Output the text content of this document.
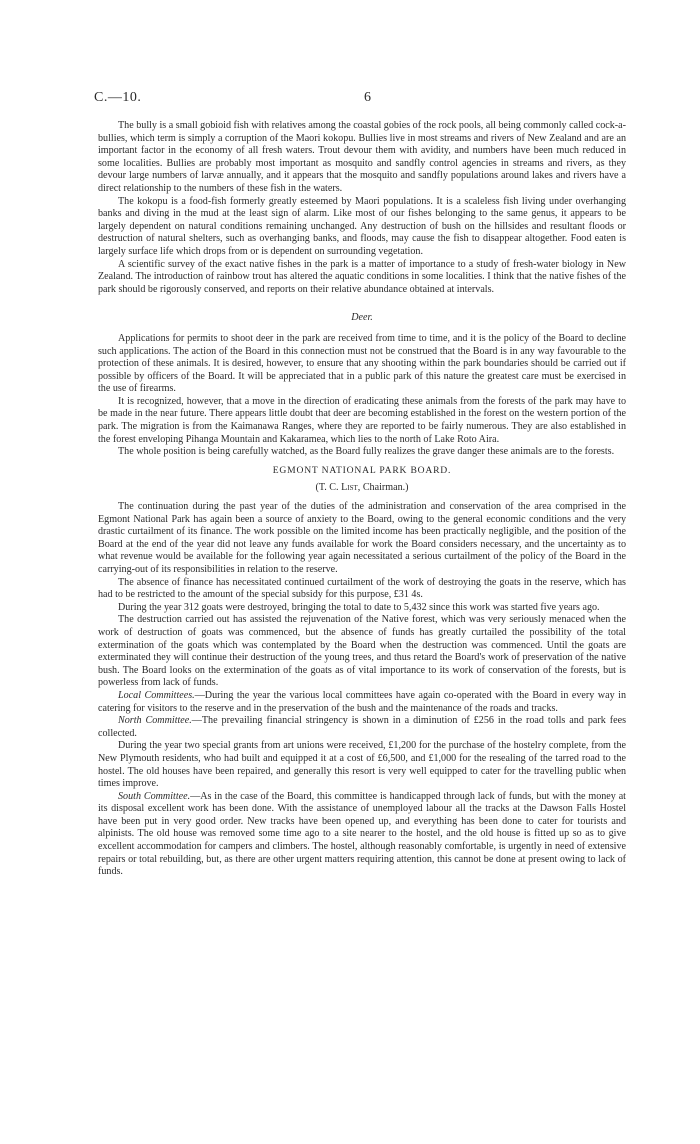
C.—10.	6

The bully is a small gobioid fish with relatives among the coastal gobies of the rock pools, all being commonly called cock-a-bullies, which term is simply a corruption of the Maori kokopu. Bullies live in most streams and rivers of New Zealand and are an important factor in the economy of all fresh waters. Trout devour them with avidity, and numbers have been much reduced in some localities. Bullies are probably most important as mosquito and sandfly control agencies in streams and rivers, as they devour large numbers of larvæ annually, and it appears that the mosquito and sandfly populations around lakes and rivers have a direct relationship to the numbers of these fish in the waters.

The kokopu is a food-fish formerly greatly esteemed by Maori populations. It is a scaleless fish living under overhanging banks and diving in the mud at the least sign of alarm. Like most of our fishes belonging to the same genus, it appears to be largely dependent on natural conditions remaining unchanged. Any destruction of bush on the hillsides and resultant floods or destruction of natural shelters, such as overhanging banks, and floods, may cause the fish to disappear altogether. Food eaten is largely surface life which drops from or is dependent on surrounding vegetation.

A scientific survey of the exact native fishes in the park is a matter of importance to a study of fresh-water biology in New Zealand. The introduction of rainbow trout has altered the aquatic conditions in some localities. I think that the native fishes of the park should be rigorously conserved, and reports on their relative abundance obtained at intervals.

Deer.

Applications for permits to shoot deer in the park are received from time to time, and it is the policy of the Board to decline such applications. The action of the Board in this connection must not be construed that the Board is in any way favourable to the protection of these animals. It is desired, however, to ensure that any shooting within the park boundaries should be carried out if possible by officers of the Board. It will be appreciated that in a public park of this nature the greatest care must be exercised in the use of firearms.

It is recognized, however, that a move in the direction of eradicating these animals from the forests of the park may have to be made in the near future. There appears little doubt that deer are becoming established in the forest on the western portion of the park. The migration is from the Kaimanawa Ranges, where they are reported to be fairly numerous. They are also established in the forest enveloping Pihanga Mountain and Kakaramea, which lies to the north of Lake Roto Aira.

The whole position is being carefully watched, as the Board fully realizes the grave danger these animals are to the forests.

EGMONT NATIONAL PARK BOARD.

(T. C. List, Chairman.)

The continuation during the past year of the duties of the administration and conservation of the area comprised in the Egmont National Park has again been a source of anxiety to the Board, owing to the general economic conditions and the very drastic curtailment of its finance. The work possible on the limited income has been practically negligible, and the position of the Board at the end of the year did not leave any funds available for work the Board considers necessary, and the uncertainty as to what revenue would be available for the following year again necessitated a serious curtailment of the policy of the Board in the carrying-out of its responsibilities in relation to the reserve.

The absence of finance has necessitated continued curtailment of the work of destroying the goats in the reserve, which has had to be restricted to the amount of the special subsidy for this purpose, £31 4s.

During the year 312 goats were destroyed, bringing the total to date to 5,432 since this work was started five years ago.

The destruction carried out has assisted the rejuvenation of the Native forest, which was very seriously menaced when the work of destruction of goats was commenced, but the absence of funds has greatly curtailed the possibility of the total extermination of the goats which was contemplated by the Board when the destruction was commenced. Until the goats are exterminated they will continue their destruction of the young trees, and thus retard the Board's work of preservation of the native bush. The Board looks on the extermination of the goats as of vital importance to its work of conservation of the forests, but is powerless from lack of funds.

Local Committees.—During the year the various local committees have again co-operated with the Board in every way in catering for visitors to the reserve and in the preservation of the bush and the maintenance of the roads and tracks.

North Committee.—The prevailing financial stringency is shown in a diminution of £256 in the road tolls and park fees collected.

During the year two special grants from art unions were received, £1,200 for the purchase of the hostelry complete, from the New Plymouth residents, who had built and equipped it at a cost of £6,500, and £1,000 for the resealing of the tarred road to the hostel. The old houses have been repaired, and generally this resort is very well equipped to cater for the travelling public when times improve.

South Committee.—As in the case of the Board, this committee is handicapped through lack of funds, but with the money at its disposal excellent work has been done. With the assistance of unemployed labour all the tracks at the Dawson Falls Hostel have been put in very good order. New tracks have been opened up, and everything has been done to cater for tourists and alpinists. The old house was removed some time ago to a site nearer to the hostel, and the old house is fitted up so as to give excellent accommodation for campers and climbers. The hostel, although reasonably comfortable, is urgently in need of extensive repairs or total rebuilding, but, as there are other urgent matters requiring attention, this cannot be done at present owing to lack of funds.
